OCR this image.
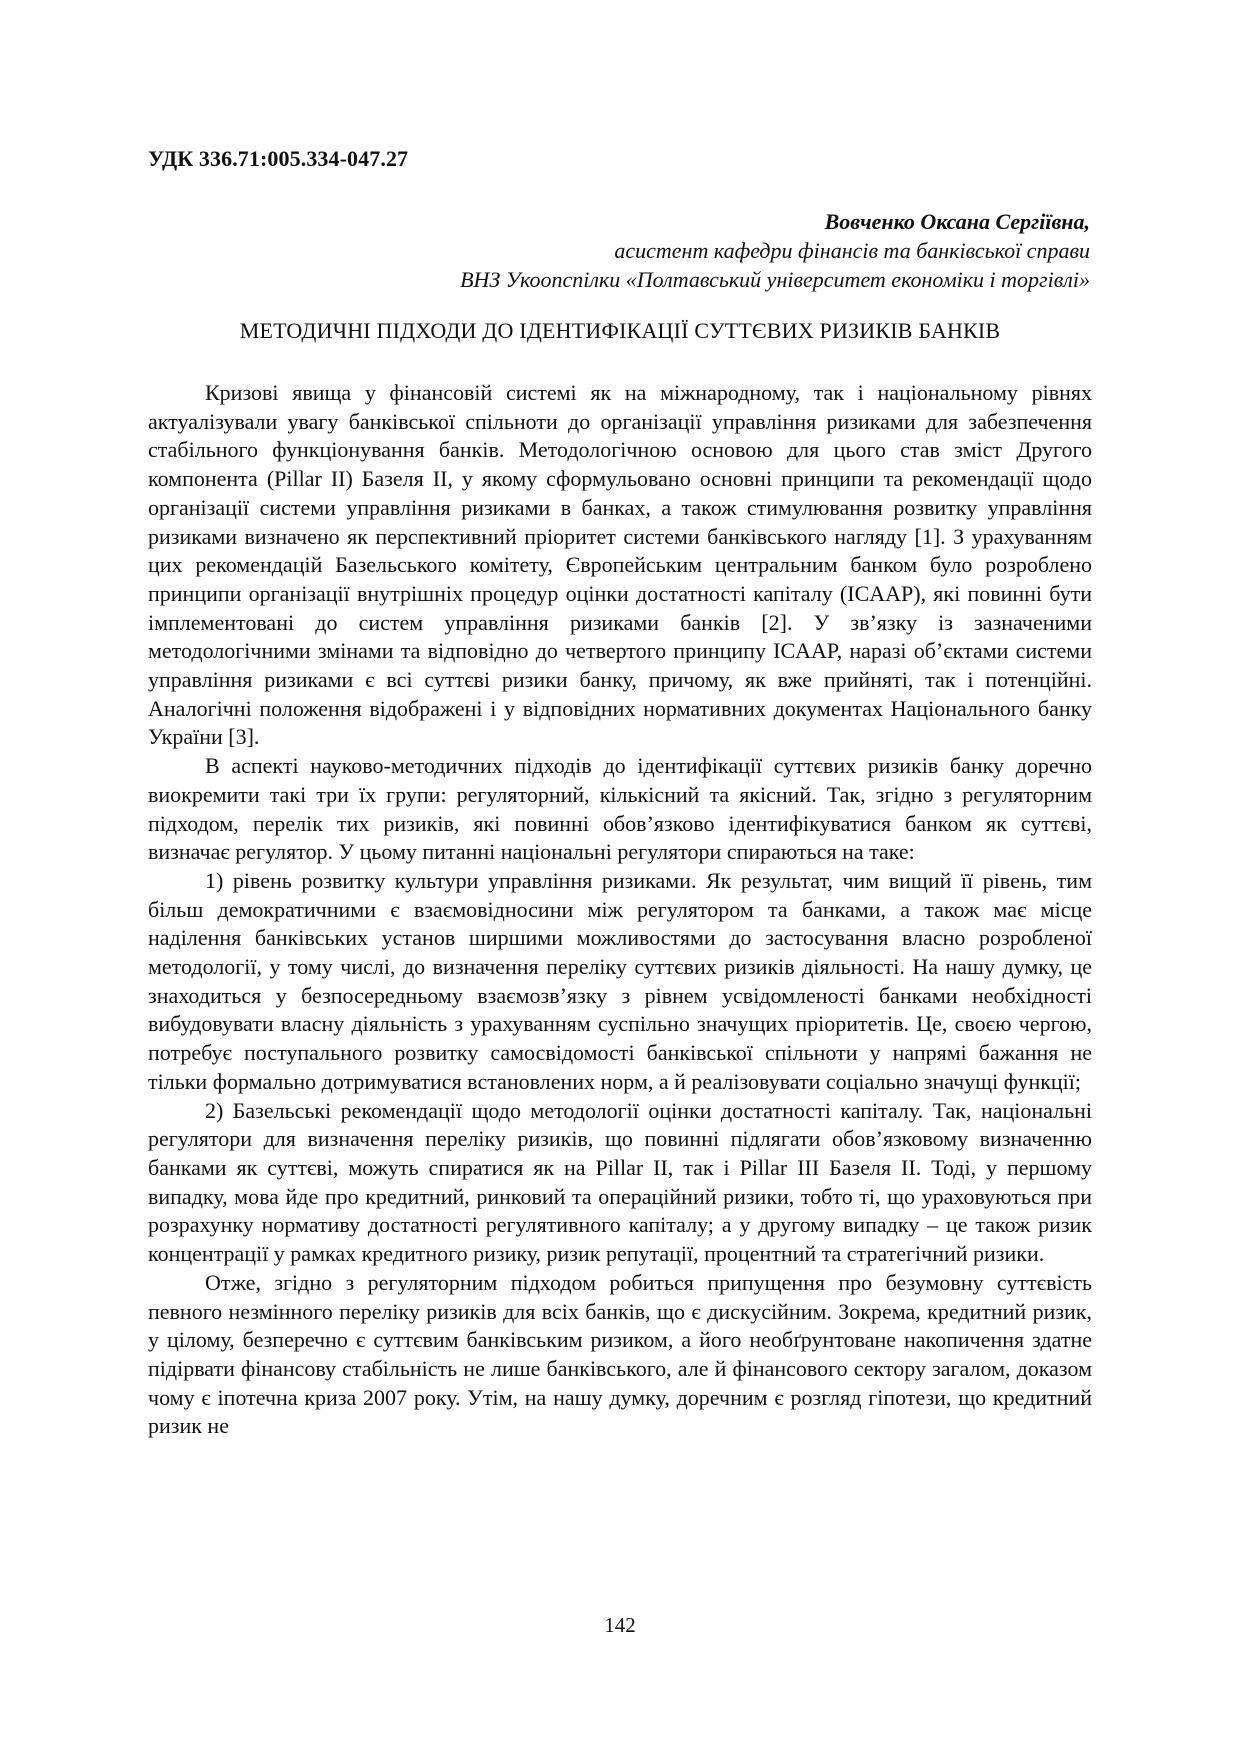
УДК 336.71:005.334-047.27
Вовченко Оксана Сергіївна,
асистент кафедри фінансів та банківської справи
ВНЗ Укоопспілки «Полтавський університет економіки і торгівлі»
МЕТОДИЧНІ ПІДХОДИ ДО ІДЕНТИФІКАЦІЇ СУТТЄВИХ РИЗИКІВ БАНКІВ

Кризові явища у фінансовій системі як на міжнародному, так і національному рівнях актуалізували увагу банківської спільноти до організації управління ризиками для забезпечення стабільного функціонування банків. Методологічною основою для цього став зміст Другого компонента (Pillar II) Базеля II, у якому сформульовано основні принципи та рекомендації щодо організації системи управління ризиками в банках, а також стимулювання розвитку управління ризиками визначено як перспективний пріоритет системи банківського нагляду [1]. З урахуванням цих рекомендацій Базельського комітету, Європейським центральним банком було розроблено принципи організації внутрішніх процедур оцінки достатності капіталу (ICAAP), які повинні бути імплементовані до систем управління ризиками банків [2]. У зв’язку із зазначеними методологічними змінами та відповідно до четвертого принципу ICAAP, наразі об’єктами системи управління ризиками є всі суттєві ризики банку, причому, як вже прийняті, так і потенційні. Аналогічні положення відображені і у відповідних нормативних документах Національного банку України [3].

В аспекті науково-методичних підходів до ідентифікації суттєвих ризиків банку доречно виокремити такі три їх групи: регуляторний, кількісний та якісний. Так, згідно з регуляторним підходом, перелік тих ризиків, які повинні обов’язково ідентифікуватися банком як суттєві, визначає регулятор. У цьому питанні національні регулятори спираються на таке:

1) рівень розвитку культури управління ризиками. Як результат, чим вищий її рівень, тим більш демократичними є взаємовідносини між регулятором та банками, а також має місце наділення банківських установ ширшими можливостями до застосування власно розробленої методології, у тому числі, до визначення переліку суттєвих ризиків діяльності. На нашу думку, це знаходиться у безпосередньому взаємозв’язку з рівнем усвідомленості банками необхідності вибудовувати власну діяльність з урахуванням суспільно значущих пріоритетів. Це, своєю чергою, потребує поступального розвитку самосвідомості банківської спільноти у напрямі бажання не тільки формально дотримуватися встановлених норм, а й реалізовувати соціально значущі функції;

2) Базельські рекомендації щодо методології оцінки достатності капіталу. Так, національні регулятори для визначення переліку ризиків, що повинні підлягати обов’язковому визначенню банками як суттєві, можуть спиратися як на Pillar II, так і Pillar III Базеля II. Тоді, у першому випадку, мова йде про кредитний, ринковий та операційний ризики, тобто ті, що ураховуються при розрахунку нормативу достатності регулятивного капіталу; а у другому випадку – це також ризик концентрації у рамках кредитного ризику, ризик репутації, процентний та стратегічний ризики.

Отже, згідно з регуляторним підходом робиться припущення про безумовну суттєвість певного незмінного переліку ризиків для всіх банків, що є дискусійним. Зокрема, кредитний ризик, у цілому, безперечно є суттєвим банківським ризиком, а його необґрунтоване накопичення здатне підірвати фінансову стабільність не лише банківського, але й фінансового сектору загалом, доказом чому є іпотечна криза 2007 року. Утім, на нашу думку, доречним є розгляд гіпотези, що кредитний ризик не

142
